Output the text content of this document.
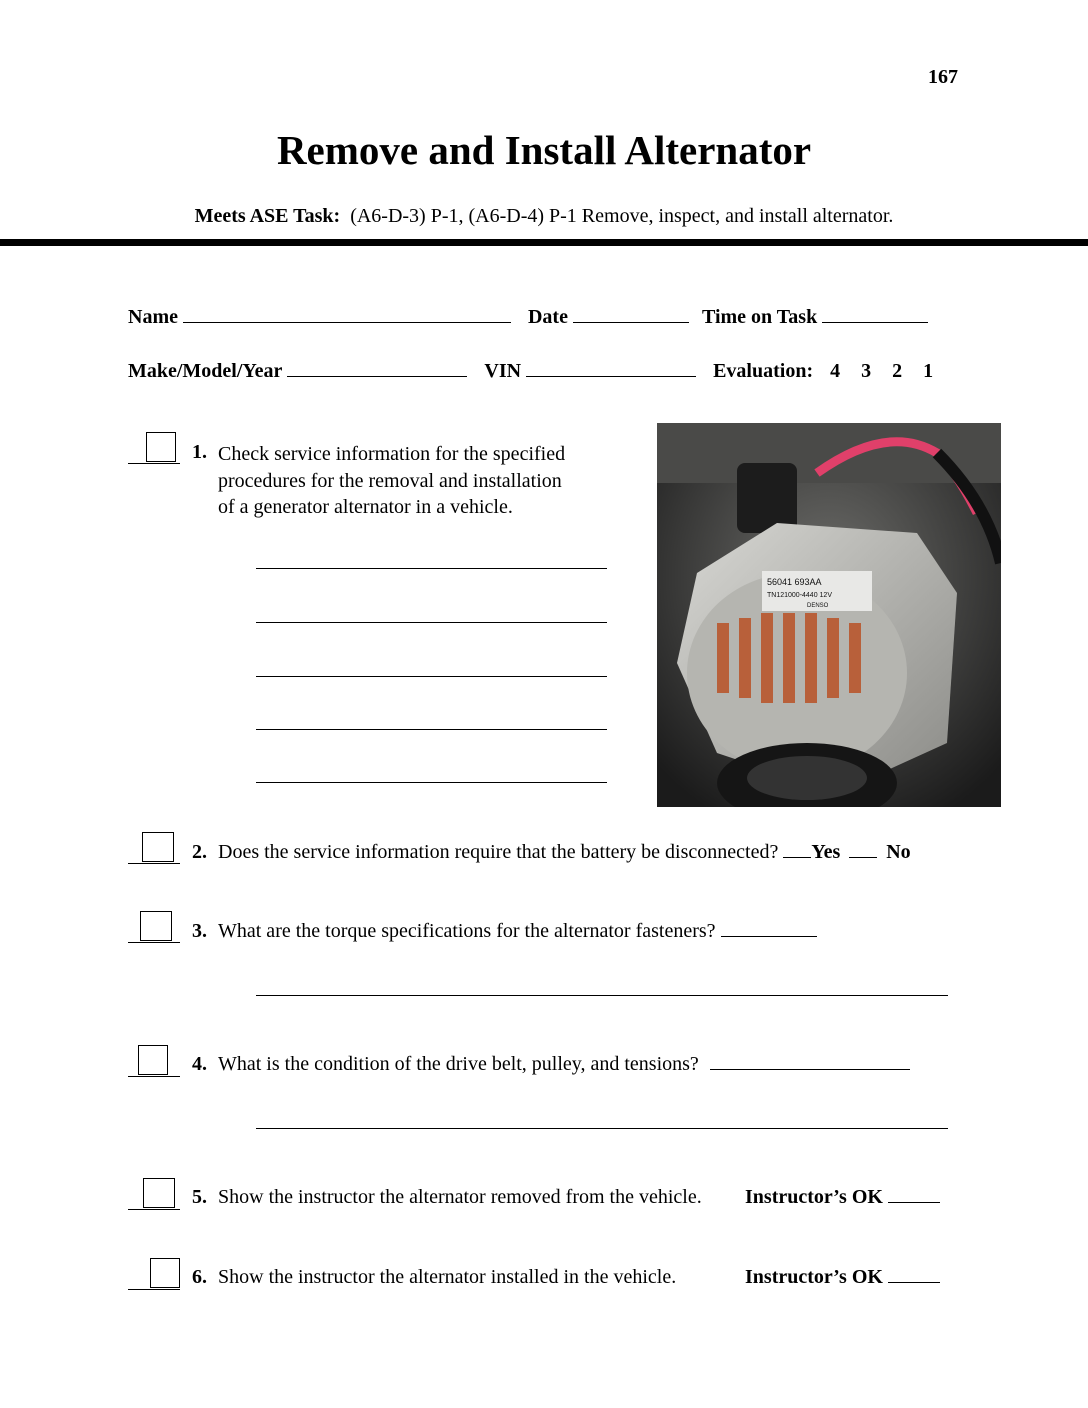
167
Remove and Install Alternator
Meets ASE Task: (A6-D-3) P-1, (A6-D-4) P-1 Remove, inspect, and install alternator.
Name	Date	Time on Task
Make/Model/Year	VIN	Evaluation: 4 3 2 1
1. Check service information for the specified
procedures for the removal and installation
of a generator alternator in a vehicle.
56041 693AA
TN121000-4440 12V
DENSO
2. Does the service information require that the battery be disconnected? Yes No
3. What are the torque specifications for the alternator fasteners?
4. What is the condition of the drive belt, pulley, and tensions?
5. Show the instructor the alternator removed from the vehicle. Instructor’s OK
6. Show the instructor the alternator installed in the vehicle.	Instructor’s OK
